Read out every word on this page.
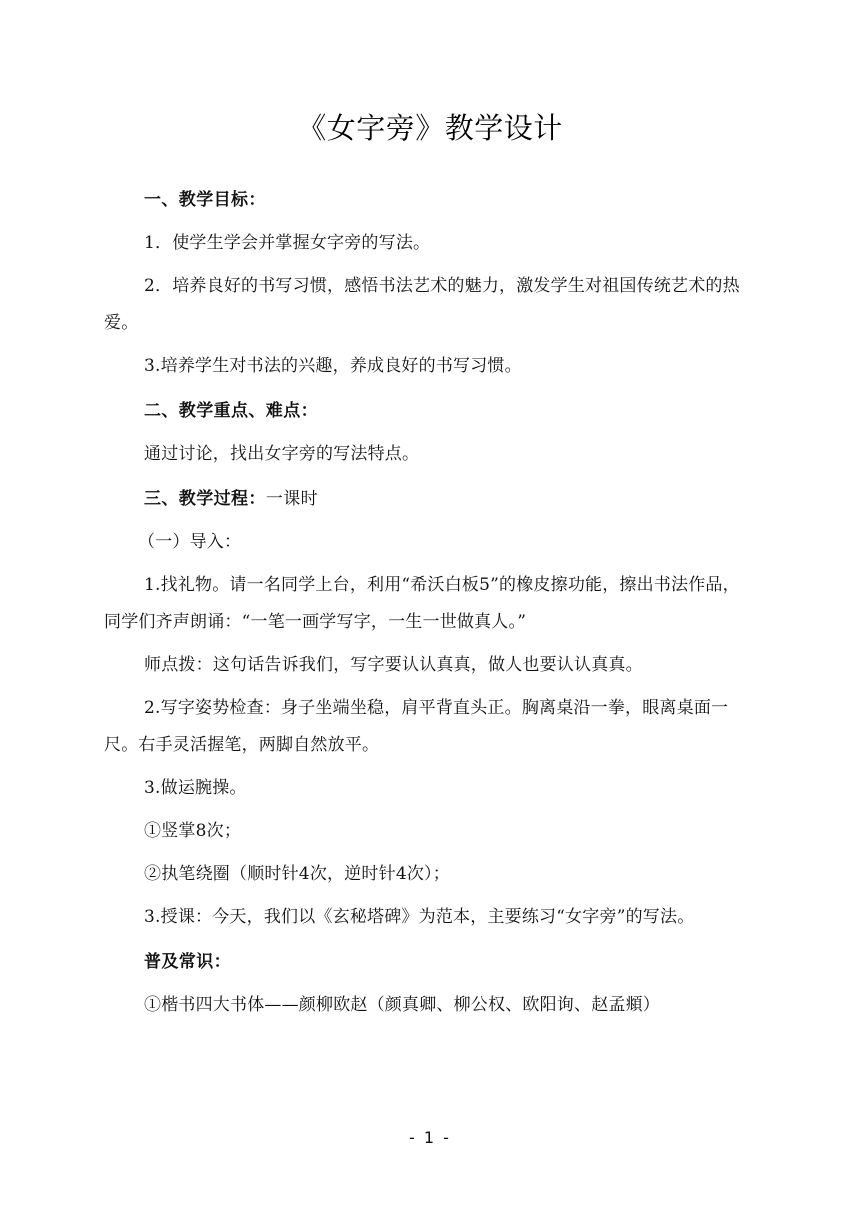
《女字旁》教学设计

一、教学目标：

1．使学生学会并掌握女字旁的写法。

2．培养良好的书写习惯，感悟书法艺术的魅力，激发学生对祖国传统艺术的热爱。

3.培养学生对书法的兴趣，养成良好的书写习惯。

二、教学重点、难点：

通过讨论，找出女字旁的写法特点。

三、教学过程：一课时

（一）导入：

1.找礼物。请一名同学上台，利用“希沃白板5”的橡皮擦功能，擦出书法作品，同学们齐声朗诵：“一笔一画学写字，一生一世做真人。”

师点拨：这句话告诉我们，写字要认认真真，做人也要认认真真。

2.写字姿势检查：身子坐端坐稳，肩平背直头正。胸离桌沿一拳，眼离桌面一尺。右手灵活握笔，两脚自然放平。

3.做运腕操。

①竖掌8次；

②执笔绕圈（顺时针4次，逆时针4次）；

3.授课：今天，我们以《玄秘塔碑》为范本，主要练习“女字旁”的写法。

普及常识：

①楷书四大书体——颜柳欧赵（颜真卿、柳公权、欧阳询、赵孟頫）

- 1 -
